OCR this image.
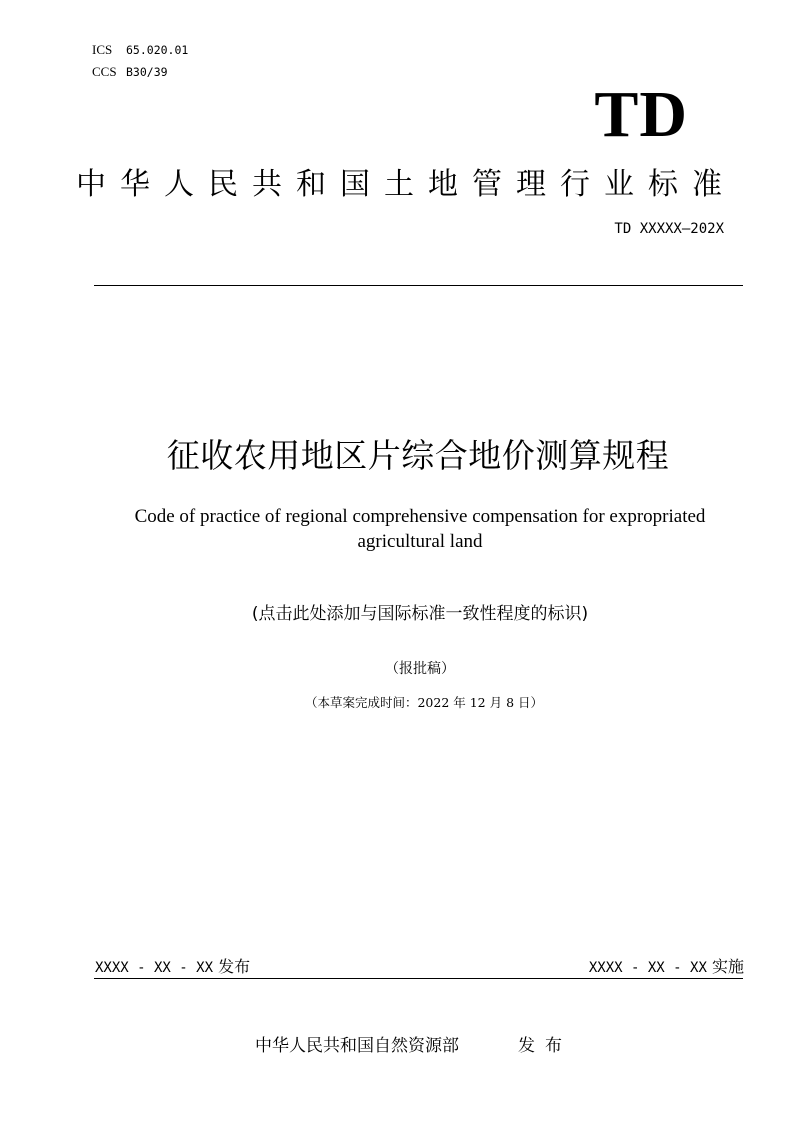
ICS 65.020.01
CCS B30/39
TD
中华人民共和国土地管理行业标准
TD XXXXX—202X
征收农用地区片综合地价测算规程
Code of practice of regional comprehensive compensation for expropriated agricultural land
(点击此处添加与国际标准一致性程度的标识)
（报批稿）
（本草案完成时间：2022 年 12 月 8 日）
XXXX - XX - XX 发布	XXXX - XX - XX 实施
中华人民共和国自然资源部	发布
